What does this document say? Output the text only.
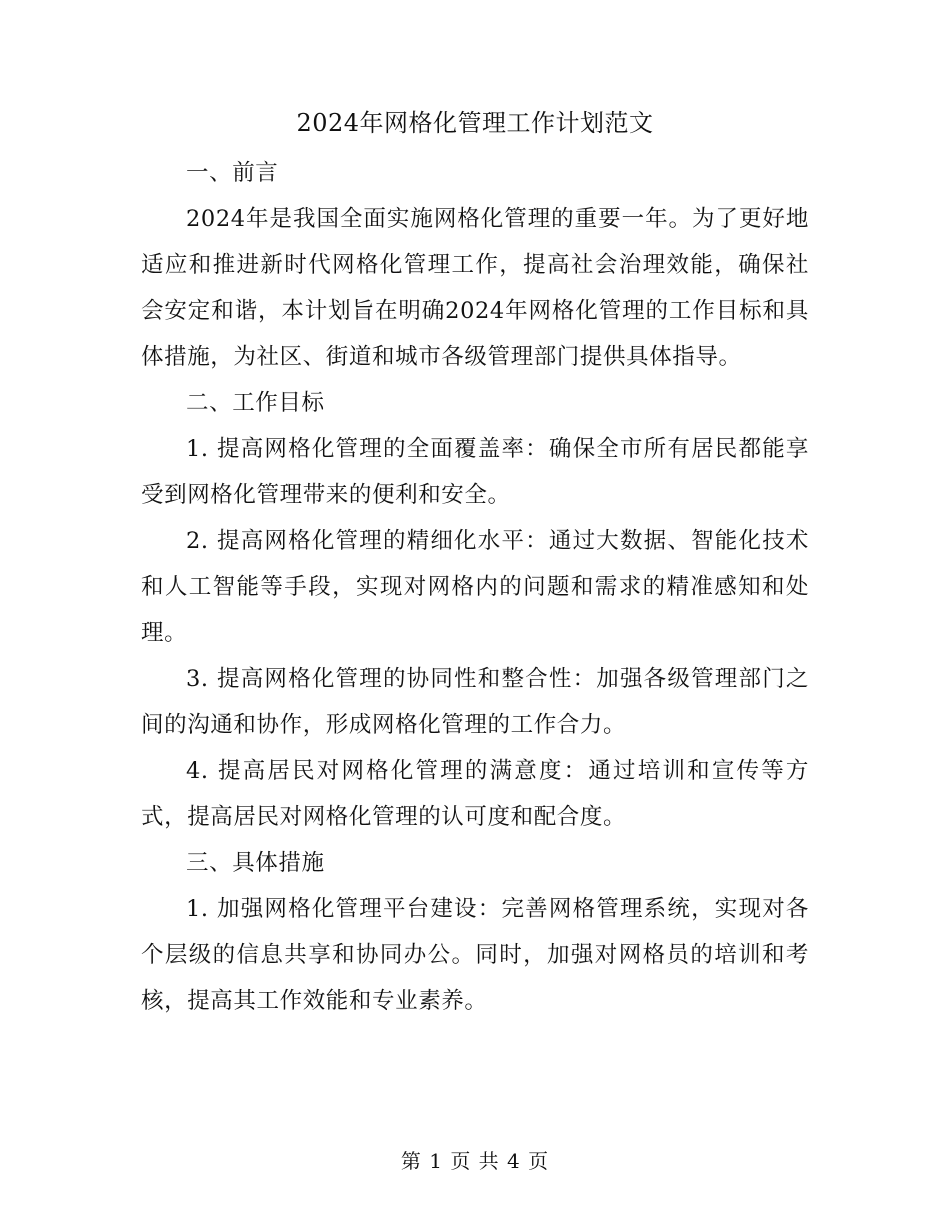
2024年网格化管理工作计划范文

一、前言

2024年是我国全面实施网格化管理的重要一年。为了更好地适应和推进新时代网格化管理工作，提高社会治理效能，确保社会安定和谐，本计划旨在明确2024年网格化管理的工作目标和具体措施，为社区、街道和城市各级管理部门提供具体指导。

二、工作目标

1. 提高网格化管理的全面覆盖率：确保全市所有居民都能享受到网格化管理带来的便利和安全。

2. 提高网格化管理的精细化水平：通过大数据、智能化技术和人工智能等手段，实现对网格内的问题和需求的精准感知和处理。

3. 提高网格化管理的协同性和整合性：加强各级管理部门之间的沟通和协作，形成网格化管理的工作合力。

4. 提高居民对网格化管理的满意度：通过培训和宣传等方式，提高居民对网格化管理的认可度和配合度。

三、具体措施

1. 加强网格化管理平台建设：完善网格管理系统，实现对各个层级的信息共享和协同办公。同时，加强对网格员的培训和考核，提高其工作效能和专业素养。

第 1 页 共 4 页
